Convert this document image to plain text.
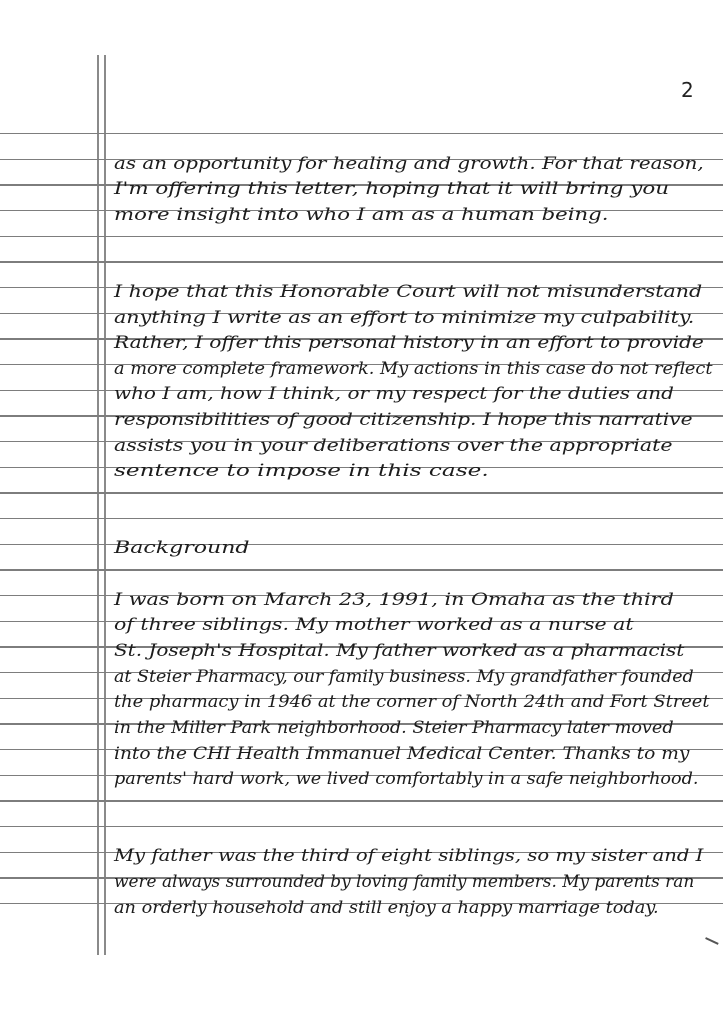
2
as an opportunity for healing and growth. For that reason,
I'm offering this letter, hoping that it will bring you
more insight into who I am as a human being.
I hope that this Honorable Court will not misunderstand
anything I write as an effort to minimize my culpability.
Rather, I offer this personal history in an effort to provide
a more complete framework. My actions in this case do not reflect
who I am, how I think, or my respect for the duties and
responsibilities of good citizenship. I hope this narrative
assists you in your deliberations over the appropriate
sentence to impose in this case.
Background
I was born on March 23, 1991, in Omaha as the third
of three siblings. My mother worked as a nurse at
St. Joseph's Hospital. My father worked as a pharmacist
at Steier Pharmacy, our family business. My grandfather founded
the pharmacy in 1946 at the corner of North 24th and Fort Street
in the Miller Park neighborhood. Steier Pharmacy later moved
into the CHI Health Immanuel Medical Center. Thanks to my
parents' hard work, we lived comfortably in a safe neighborhood.
My father was the third of eight siblings, so my sister and I
were always surrounded by loving family members. My parents ran
an orderly household and still enjoy a happy marriage today.
